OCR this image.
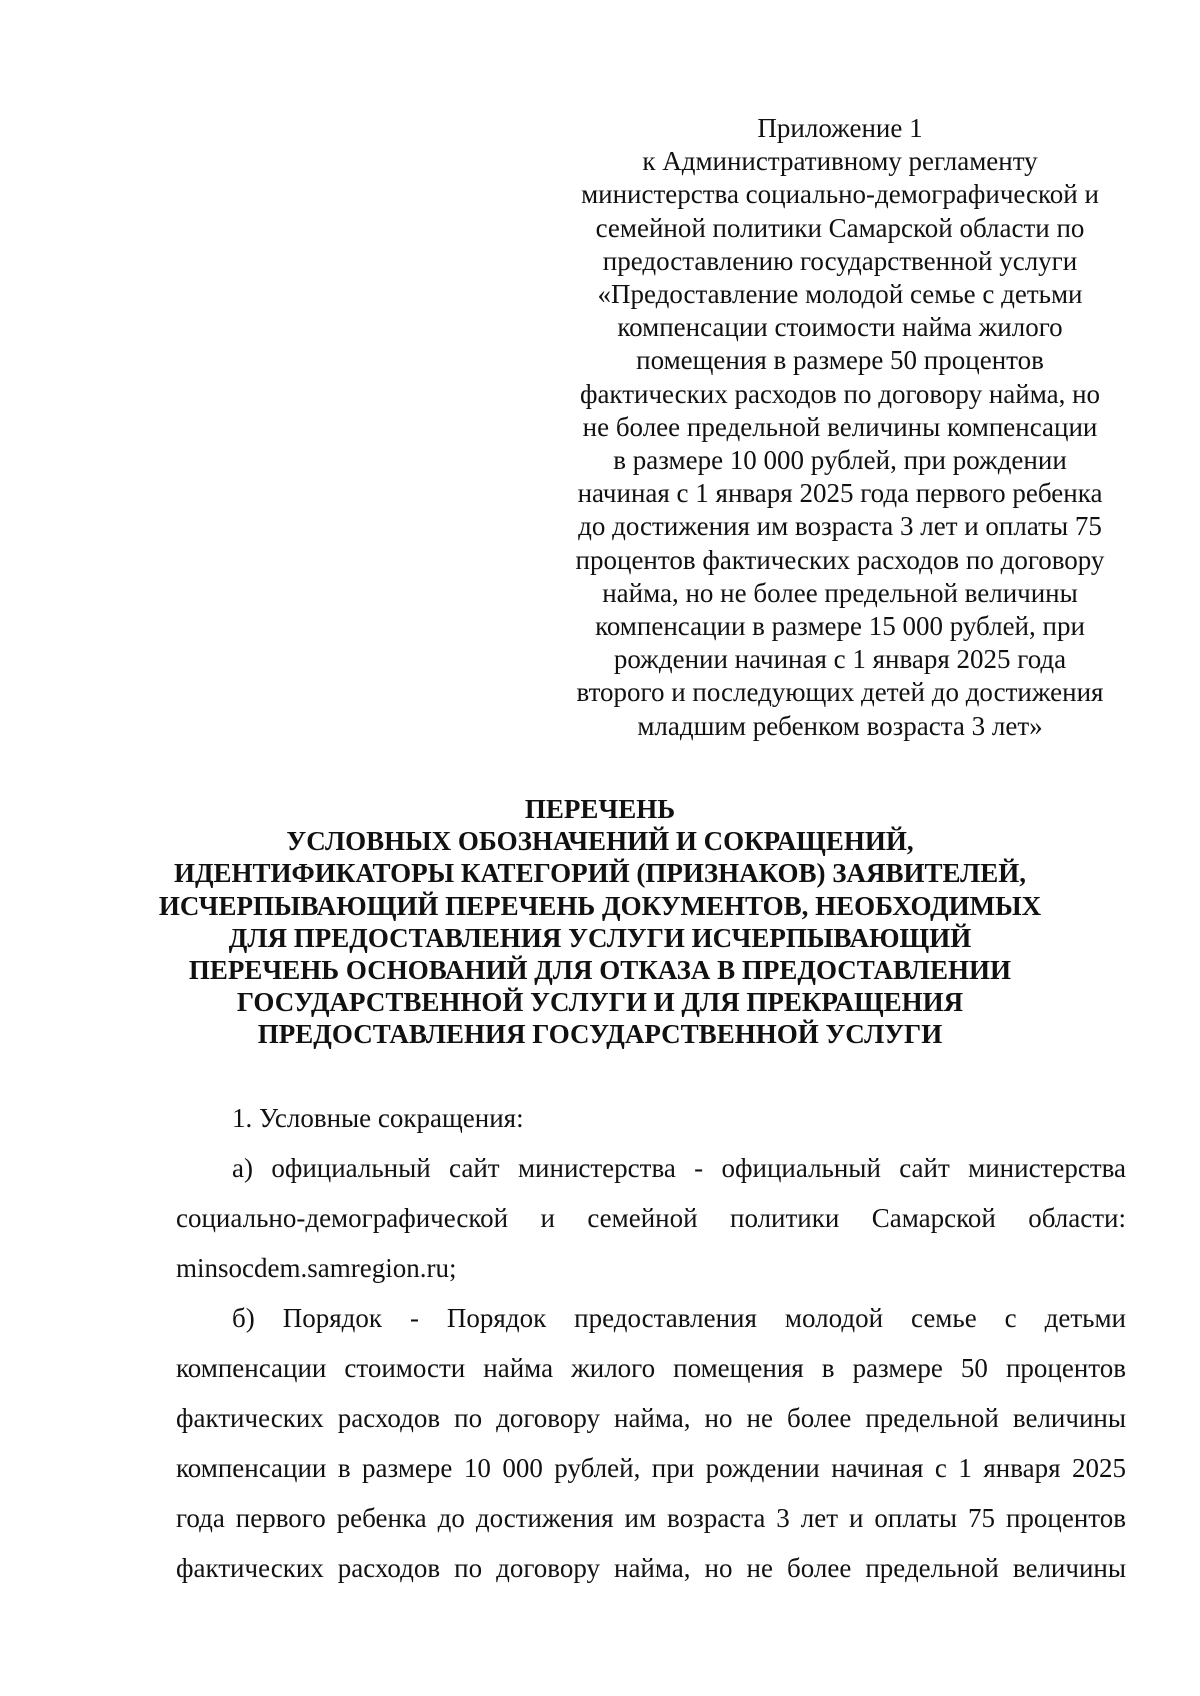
Приложение 1
к Административному регламенту
министерства социально-демографической и
семейной политики Самарской области по
предоставлению государственной услуги
«Предоставление молодой семье с детьми
компенсации стоимости найма жилого
помещения в размере 50 процентов
фактических расходов по договору найма, но
не более предельной величины компенсации
в размере 10 000 рублей, при рождении
начиная с 1 января 2025 года первого ребенка
до достижения им возраста 3 лет и оплаты 75
процентов фактических расходов по договору
найма, но не более предельной величины
компенсации в размере 15 000 рублей, при
рождении начиная с 1 января 2025 года
второго и последующих детей до достижения
младшим ребенком возраста 3 лет»
ПЕРЕЧЕНЬ
УСЛОВНЫХ ОБОЗНАЧЕНИЙ И СОКРАЩЕНИЙ,
ИДЕНТИФИКАТОРЫ КАТЕГОРИЙ (ПРИЗНАКОВ) ЗАЯВИТЕЛЕЙ,
ИСЧЕРПЫВАЮЩИЙ ПЕРЕЧЕНЬ ДОКУМЕНТОВ, НЕОБХОДИМЫХ
ДЛЯ ПРЕДОСТАВЛЕНИЯ УСЛУГИ ИСЧЕРПЫВАЮЩИЙ
ПЕРЕЧЕНЬ ОСНОВАНИЙ ДЛЯ ОТКАЗА В ПРЕДОСТАВЛЕНИИ
ГОСУДАРСТВЕННОЙ УСЛУГИ И ДЛЯ ПРЕКРАЩЕНИЯ
ПРЕДОСТАВЛЕНИЯ ГОСУДАРСТВЕННОЙ УСЛУГИ

1. Условные сокращения:

а) официальный сайт министерства - официальный сайт министерства
социально-демографической и семейной политики Самарской области:
minsocdem.samregion.ru;

б) Порядок - Порядок предоставления молодой семье с детьми
компенсации стоимости найма жилого помещения в размере 50 процентов
фактических расходов по договору найма, но не более предельной величины
компенсации в размере 10 000 рублей, при рождении начиная с 1 января 2025
года первого ребенка до достижения им возраста 3 лет и оплаты 75 процентов
фактических расходов по договору найма, но не более предельной величины
